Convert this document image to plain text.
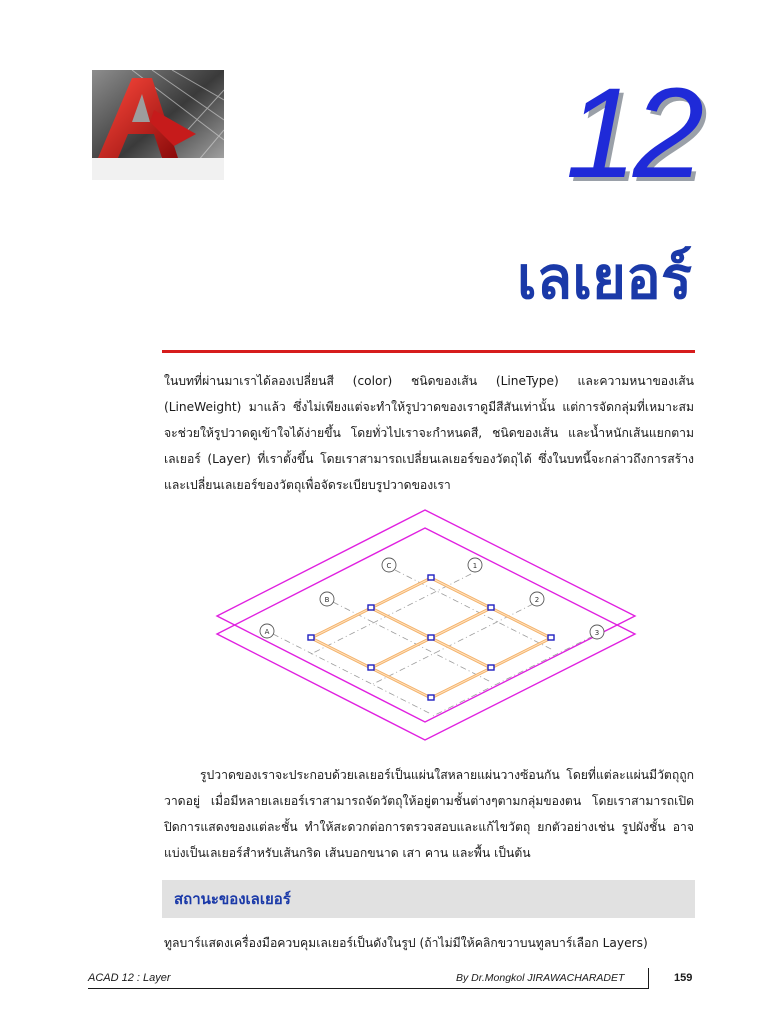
12
เลเยอร์
ในบทที่ผ่านมาเราได้ลองเปลี่ยนสี (color) ชนิดของเส้น (LineType) และความหนาของเส้น (LineWeight) มาแล้ว ซึ่งไม่เพียงแต่จะทำให้รูปวาดของเราดูมีสีสันเท่านั้น แต่การจัดกลุ่มที่เหมาะสมจะช่วยให้รูปวาดดูเข้าใจได้ง่ายขึ้น โดยทั่วไปเราจะกำหนดสี, ชนิดของเส้น และน้ำหนักเส้นแยกตามเลเยอร์ (Layer) ที่เราตั้งขึ้น โดยเราสามารถเปลี่ยนเลเยอร์ของวัตถุได้ ซึ่งในบทนี้จะกล่าวถึงการสร้างและเปลี่ยนเลเยอร์ของวัตถุเพื่อจัดระเบียบรูปวาดของเรา
C
B
A
1
2
3
รูปวาดของเราจะประกอบด้วยเลเยอร์เป็นแผ่นใสหลายแผ่นวางซ้อนกัน โดยที่แต่ละแผ่นมีวัตถุถูกวาดอยู่ เมื่อมีหลายเลเยอร์เราสามารถจัดวัตถุให้อยู่ตามชั้นต่างๆตามกลุ่มของตน โดยเราสามารถเปิดปิดการแสดงของแต่ละชั้น ทำให้สะดวกต่อการตรวจสอบและแก้ไขวัตถุ ยกตัวอย่างเช่น รูปผังชั้น อาจแบ่งเป็นเลเยอร์สำหรับเส้นกริด เส้นบอกขนาด เสา คาน และพื้น เป็นต้น
สถานะของเลเยอร์
ทูลบาร์แสดงเครื่องมือควบคุมเลเยอร์เป็นดังในรูป (ถ้าไม่มีให้คลิกขวาบนทูลบาร์เลือก Layers)
ACAD 12 : Layer	By Dr.Mongkol JIRAWACHARADET	159
